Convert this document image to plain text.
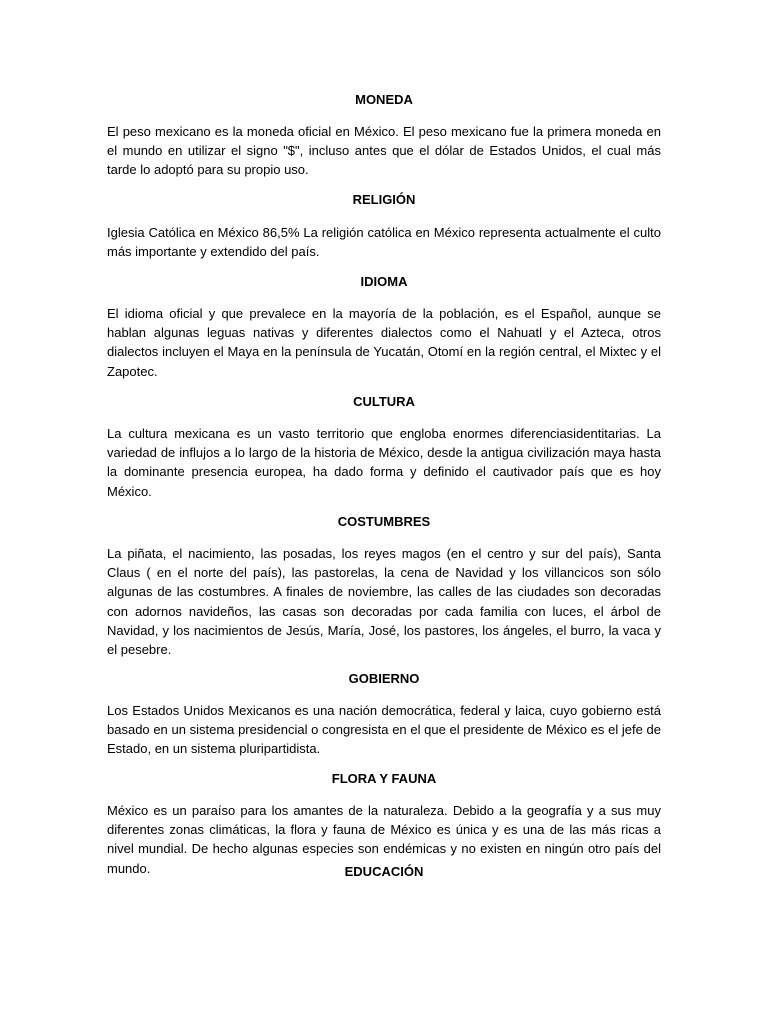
MONEDA

El peso mexicano es la moneda oficial en México. El peso mexicano fue la primera moneda en el mundo en utilizar el signo "$", incluso antes que el dólar de Estados Unidos, el cual más tarde lo adoptó para su propio uso.

RELIGIÓN

Iglesia Católica en México 86,5% La religión católica en México representa actualmente el culto más importante y extendido del país.

IDIOMA

El idioma oficial y que prevalece en la mayoría de la población, es el Español, aunque se hablan algunas leguas nativas y diferentes dialectos como el Nahuatl y el Azteca, otros dialectos incluyen el Maya en la península de Yucatán, Otomí en la región central, el Mixtec y el Zapotec.

CULTURA

La cultura mexicana es un vasto territorio que engloba enormes diferenciasidentitarias. La variedad de influjos a lo largo de la historia de México, desde la antigua civilización maya hasta la dominante presencia europea, ha dado forma y definido el cautivador país que es hoy México.

COSTUMBRES

La piñata, el nacimiento, las posadas, los reyes magos (en el centro y sur del país), Santa Claus ( en el norte del país), las pastorelas, la cena de Navidad y los villancicos son sólo algunas de las costumbres. A finales de noviembre, las calles de las ciudades son decoradas con adornos navideños, las casas son decoradas por cada familia con luces, el árbol de Navidad, y los nacimientos de Jesús, María, José, los pastores, los ángeles, el burro, la vaca y el pesebre.

GOBIERNO

Los Estados Unidos Mexicanos es una nación democrática, federal y laica, cuyo gobierno está basado en un sistema presidencial o congresista en el que el presidente de México es el jefe de Estado, en un sistema pluripartidista.

FLORA Y FAUNA

México es un paraíso para los amantes de la naturaleza. Debido a la geografía y a sus muy diferentes zonas climáticas, la flora y fauna de México es única y es una de las más ricas a nivel mundial. De hecho algunas especies son endémicas y no existen en ningún otro país del mundo.	EDUCACIÓN
